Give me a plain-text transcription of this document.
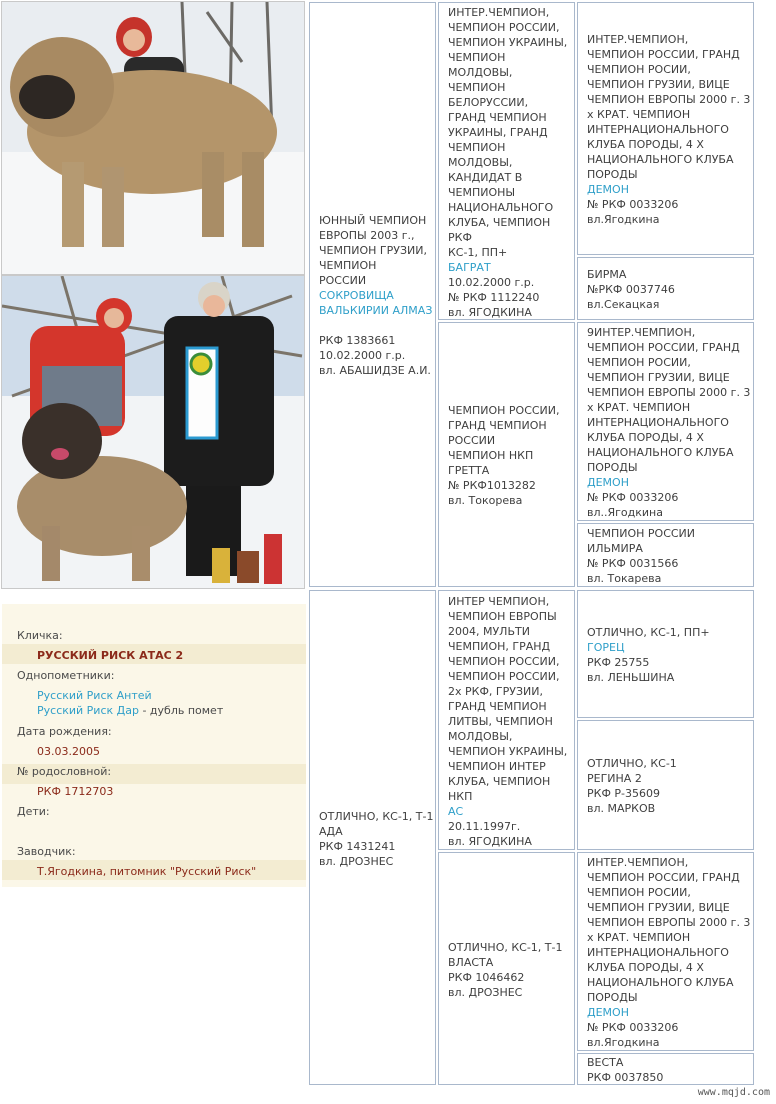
Кличка:
РУССКИЙ РИСК АТАС 2
Однопометники:
Русский Риск Антей
Русский Риск Дар - дубль помет
Дата рождения:
03.03.2005
№ родословной:
РКФ 1712703
Дети:
Заводчик:
Т.Ягодкина, питомник "Русский Риск"

ЮННЫЙ ЧЕМПИОН
ЕВРОПЫ 2003 г.,
ЧЕМПИОН ГРУЗИИ,
ЧЕМПИОН
РОССИИ

СОКРОВИЩА
ВАЛЬКИРИИ АЛМАЗ

РКФ 1383661
10.02.2000 г.р.
вл. АБАШИДЗЕ А.И.

ОТЛИЧНО, КС-1, Т-1

АДА

РКФ 1431241
вл. ДРОЗНЕС

ИНТЕР.ЧЕМПИОН,
ЧЕМПИОН РОССИИ,
ЧЕМПИОН УКРАИНЫ,
ЧЕМПИОН
МОЛДОВЫ,
ЧЕМПИОН
БЕЛОРУССИИ,
ГРАНД ЧЕМПИОН
УКРАИНЫ, ГРАНД
ЧЕМПИОН
МОЛДОВЫ,
КАНДИДАТ В
ЧЕМПИОНЫ
НАЦИОНАЛЬНОГО
КЛУБА, ЧЕМПИОН
РКФ
КС-1, ПП+

БАГРАТ

10.02.2000 г.р.
№ РКФ 1112240
вл. ЯГОДКИНА

ЧЕМПИОН РОССИИ,
ГРАНД ЧЕМПИОН
РОССИИ
ЧЕМПИОН НКП

ГРЕТТА

№ РКФ1013282
вл. Токорева

ИНТЕР ЧЕМПИОН,
ЧЕМПИОН ЕВРОПЫ
2004, МУЛЬТИ
ЧЕМПИОН, ГРАНД
ЧЕМПИОН РОССИИ,
ЧЕМПИОН РОССИИ,
2х РКФ, ГРУЗИИ,
ГРАНД ЧЕМПИОН
ЛИТВЫ, ЧЕМПИОН
МОЛДОВЫ,
ЧЕМПИОН УКРАИНЫ,
ЧЕМПИОН ИНТЕР
КЛУБА, ЧЕМПИОН
НКП

АС

20.11.1997г.
вл. ЯГОДКИНА

ОТЛИЧНО, КС-1, Т-1

ВЛАСТА

РКФ 1046462
вл. ДРОЗНЕС

ИНТЕР.ЧЕМПИОН,
ЧЕМПИОН РОССИИ, ГРАНД
ЧЕМПИОН РОСИИ,
ЧЕМПИОН ГРУЗИИ, ВИЦЕ
ЧЕМПИОН ЕВРОПЫ 2000 г. 3
х КРАТ. ЧЕМПИОН
ИНТЕРНАЦИОНАЛЬНОГО
КЛУБА ПОРОДЫ, 4 Х
НАЦИОНАЛЬНОГО КЛУБА
ПОРОДЫ

ДЕМОН

№ РКФ 0033206
вл.Ягодкина

БИРМА
№РКФ 0037746
вл.Секацкая

9ИНТЕР.ЧЕМПИОН,
ЧЕМПИОН РОССИИ, ГРАНД
ЧЕМПИОН РОСИИ,
ЧЕМПИОН ГРУЗИИ, ВИЦЕ
ЧЕМПИОН ЕВРОПЫ 2000 г. 3
х КРАТ. ЧЕМПИОН
ИНТЕРНАЦИОНАЛЬНОГО
КЛУБА ПОРОДЫ, 4 Х
НАЦИОНАЛЬНОГО КЛУБА
ПОРОДЫ

ДЕМОН

№ РКФ 0033206
вл..Ягодкина

ЧЕМПИОН РОССИИ
ИЛЬМИРА
№ РКФ 0031566
вл. Токарева

ОТЛИЧНО, КС-1, ПП+

ГОРЕЦ

РКФ 25755
вл. ЛЕНЬШИНА

ОТЛИЧНО, КС-1
РЕГИНА 2
РКФ Р-35609
вл. МАРКОВ

ИНТЕР.ЧЕМПИОН,
ЧЕМПИОН РОССИИ, ГРАНД
ЧЕМПИОН РОСИИ,
ЧЕМПИОН ГРУЗИИ, ВИЦЕ
ЧЕМПИОН ЕВРОПЫ 2000 г. 3
х КРАТ. ЧЕМПИОН
ИНТЕРНАЦИОНАЛЬНОГО
КЛУБА ПОРОДЫ, 4 Х
НАЦИОНАЛЬНОГО КЛУБА
ПОРОДЫ

ДЕМОН

№ РКФ 0033206
вл.Ягодкина

ВЕСТА
РКФ 0037850

www.mqjd.com
